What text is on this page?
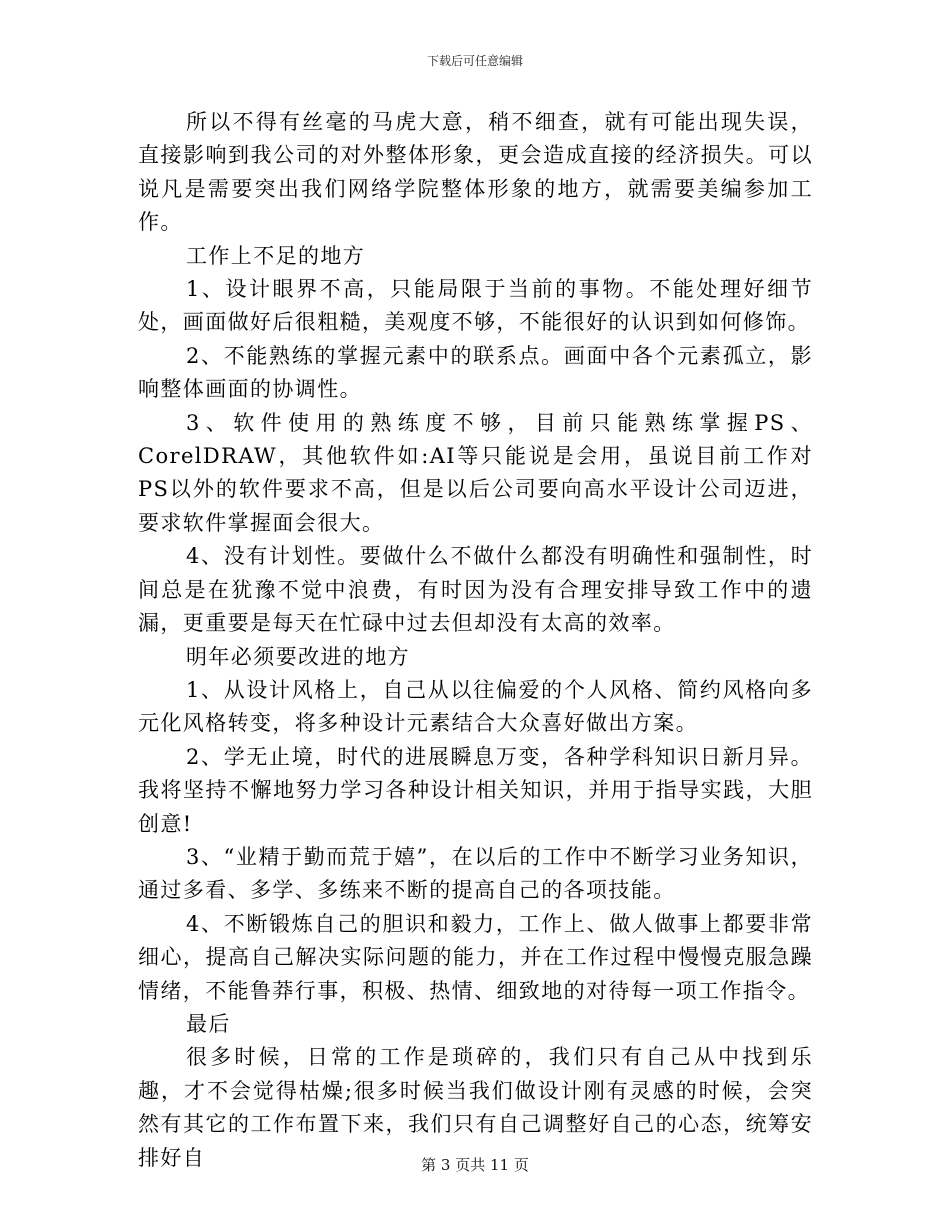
下载后可任意编辑

所以不得有丝毫的马虎大意，稍不细查，就有可能出现失误，直接影响到我公司的对外整体形象，更会造成直接的经济损失。可以说凡是需要突出我们网络学院整体形象的地方，就需要美编参加工作。

工作上不足的地方

1、设计眼界不高，只能局限于当前的事物。不能处理好细节处，画面做好后很粗糙，美观度不够，不能很好的认识到如何修饰。

2、不能熟练的掌握元素中的联系点。画面中各个元素孤立，影响整体画面的协调性。

3、软件使用的熟练度不够，目前只能熟练掌握PS、CorelDRAW，其他软件如:AI等只能说是会用，虽说目前工作对PS以外的软件要求不高，但是以后公司要向高水平设计公司迈进，要求软件掌握面会很大。

4、没有计划性。要做什么不做什么都没有明确性和强制性，时间总是在犹豫不觉中浪费，有时因为没有合理安排导致工作中的遗漏，更重要是每天在忙碌中过去但却没有太高的效率。

明年必须要改进的地方

1、从设计风格上，自己从以往偏爱的个人风格、简约风格向多元化风格转变，将多种设计元素结合大众喜好做出方案。

2、学无止境，时代的进展瞬息万变，各种学科知识日新月异。我将坚持不懈地努力学习各种设计相关知识，并用于指导实践，大胆创意!

3、“业精于勤而荒于嬉”，在以后的工作中不断学习业务知识，通过多看、多学、多练来不断的提高自己的各项技能。

4、不断锻炼自己的胆识和毅力，工作上、做人做事上都要非常细心，提高自己解决实际问题的能力，并在工作过程中慢慢克服急躁情绪，不能鲁莽行事，积极、热情、细致地的对待每一项工作指令。

最后

很多时候，日常的工作是琐碎的，我们只有自己从中找到乐趣，才不会觉得枯燥;很多时候当我们做设计刚有灵感的时候，会突然有其它的工作布置下来，我们只有自己调整好自己的心态，统筹安排好自	第 3 页共 11 页
